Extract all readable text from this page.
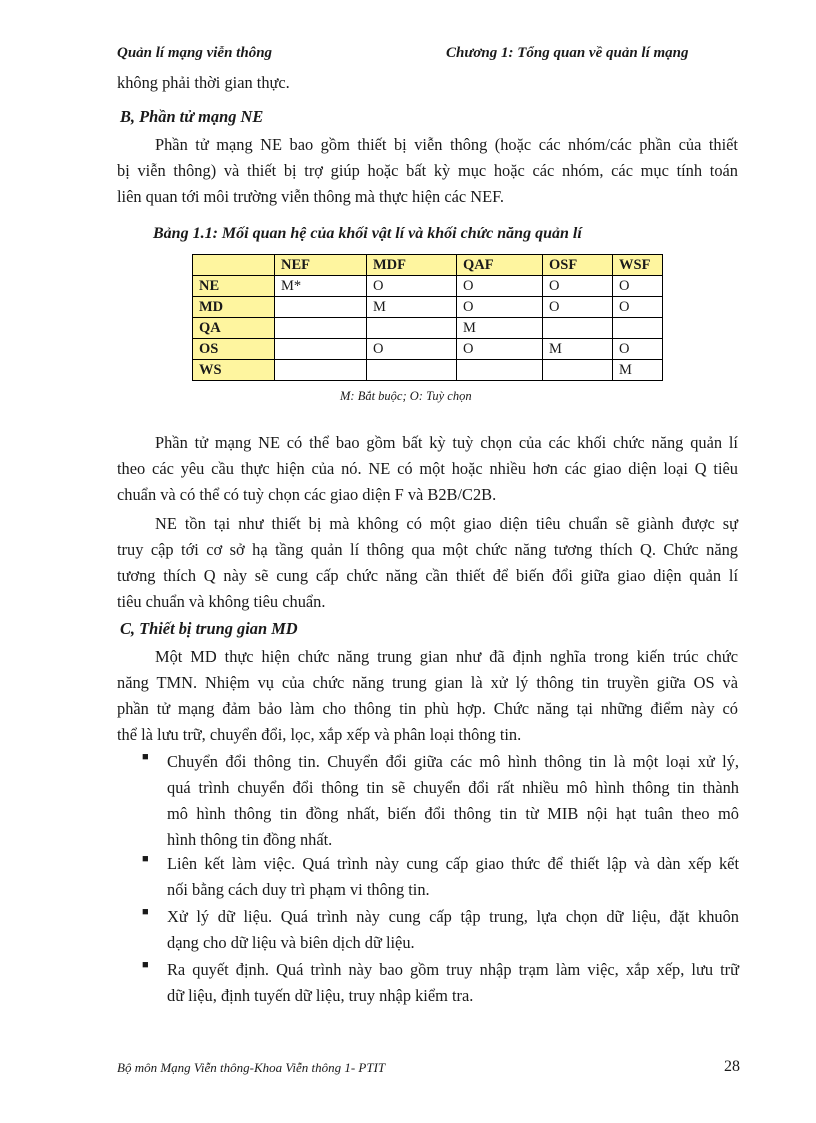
Quản lí mạng viễn thông	Chương 1: Tổng quan về quản lí mạng
không phải thời gian thực.
B, Phần tử mạng NE
Phần tử mạng NE bao gồm thiết bị viễn thông (hoặc các nhóm/các phần của thiết
bị viễn thông) và thiết bị trợ giúp hoặc bất kỳ mục hoặc các nhóm, các mục tính toán
liên quan tới môi trường viễn thông mà thực hiện các NEF.
Bảng 1.1: Mối quan hệ của khối vật lí và khối chức năng quản lí
	NEF	MDF	QAF	OSF	WSF
NE	M*	O	O	O	O
MD		M	O	O	O
QA			M		
OS		O	O	M	O
WS					M
M: Bắt buộc; O: Tuỳ chọn
Phần tử mạng NE có thể bao gồm bất kỳ tuỳ chọn của các khối chức năng quản lí
theo các yêu cầu thực hiện của nó. NE có một hoặc nhiều hơn các giao diện loại Q tiêu
chuẩn và có thể có tuỳ chọn các giao diện F và B2B/C2B.
NE tồn tại như thiết bị mà không có một giao diện tiêu chuẩn sẽ giành được sự
truy cập tới cơ sở hạ tầng quản lí thông qua một chức năng tương thích Q. Chức năng
tương thích Q này sẽ cung cấp chức năng cần thiết để biến đổi giữa giao diện quản lí
tiêu chuẩn và không tiêu chuẩn.
C, Thiết bị trung gian MD
Một MD thực hiện chức năng trung gian như đã định nghĩa trong kiến trúc chức
năng TMN. Nhiệm vụ của chức năng trung gian là xử lý thông tin truyền giữa OS và
phần tử mạng đảm bảo làm cho thông tin phù hợp. Chức năng tại những điểm này có
thể là lưu trữ, chuyển đổi, lọc, xắp xếp và phân loại thông tin.
■ Chuyển đổi thông tin. Chuyển đổi giữa các mô hình thông tin là một loại xử lý,
quá trình chuyển đổi thông tin sẽ chuyển đổi rất nhiều mô hình thông tin thành
mô hình thông tin đồng nhất, biến đổi thông tin từ MIB nội hạt tuân theo mô
hình thông tin đồng nhất.
■ Liên kết làm việc. Quá trình này cung cấp giao thức để thiết lập và dàn xếp kết
nối bằng cách duy trì phạm vi thông tin.
■ Xử lý dữ liệu. Quá trình này cung cấp tập trung, lựa chọn dữ liệu, đặt khuôn
dạng cho dữ liệu và biên dịch dữ liệu.
■ Ra quyết định. Quá trình này bao gồm truy nhập trạm làm việc, xắp xếp, lưu trữ
dữ liệu, định tuyến dữ liệu, truy nhập kiểm tra.
Bộ môn Mạng Viễn thông-Khoa Viễn thông 1- PTIT	28
